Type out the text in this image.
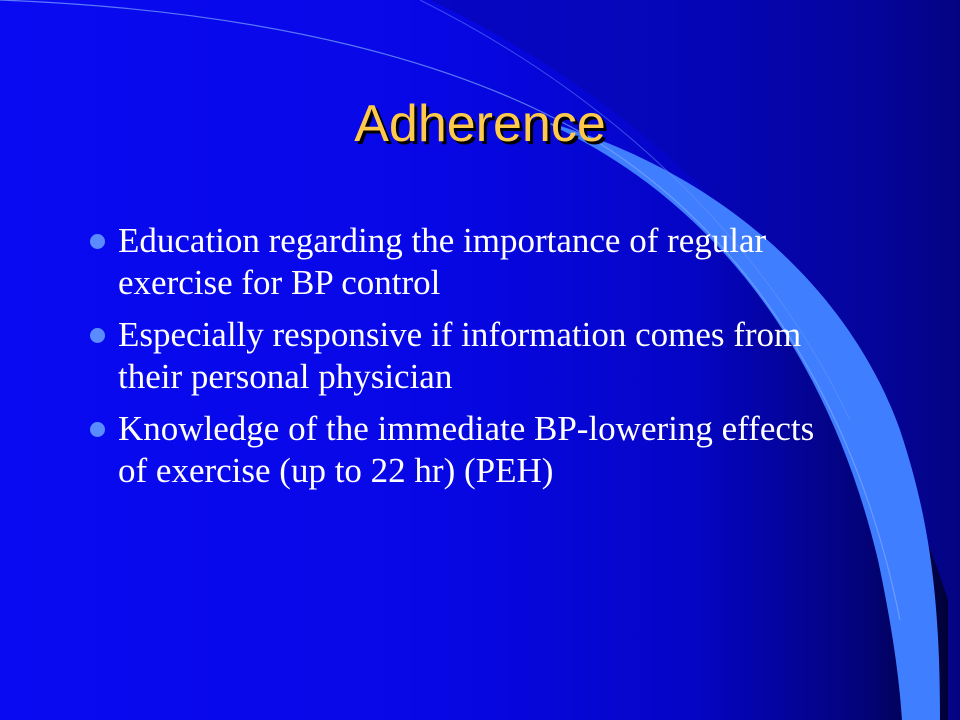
Adherence
Education regarding the importance of regular exercise for BP control
Especially responsive if information comes from their personal physician
Knowledge of the immediate BP-lowering effects of exercise (up to 22 hr) (PEH)
